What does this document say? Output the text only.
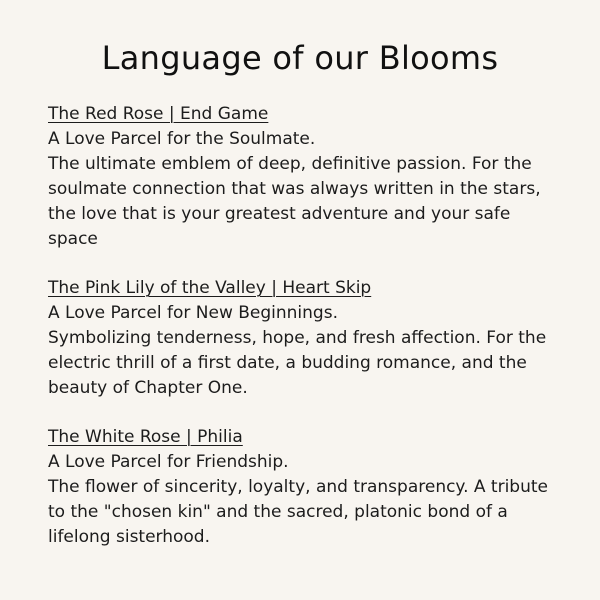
Language of our Blooms
The Red Rose | End Game
A Love Parcel for the Soulmate.

The ultimate emblem of deep, definitive passion. For the soulmate connection that was always written in the stars, the love that is your greatest adventure and your safe space

The Pink Lily of the Valley | Heart Skip
A Love Parcel for New Beginnings.

Symbolizing tenderness, hope, and fresh affection. For the electric thrill of a first date, a budding romance, and the beauty of Chapter One.

The White Rose | Philia
A Love Parcel for Friendship.

The flower of sincerity, loyalty, and transparency. A tribute to the "chosen kin" and the sacred, platonic bond of a lifelong sisterhood.
